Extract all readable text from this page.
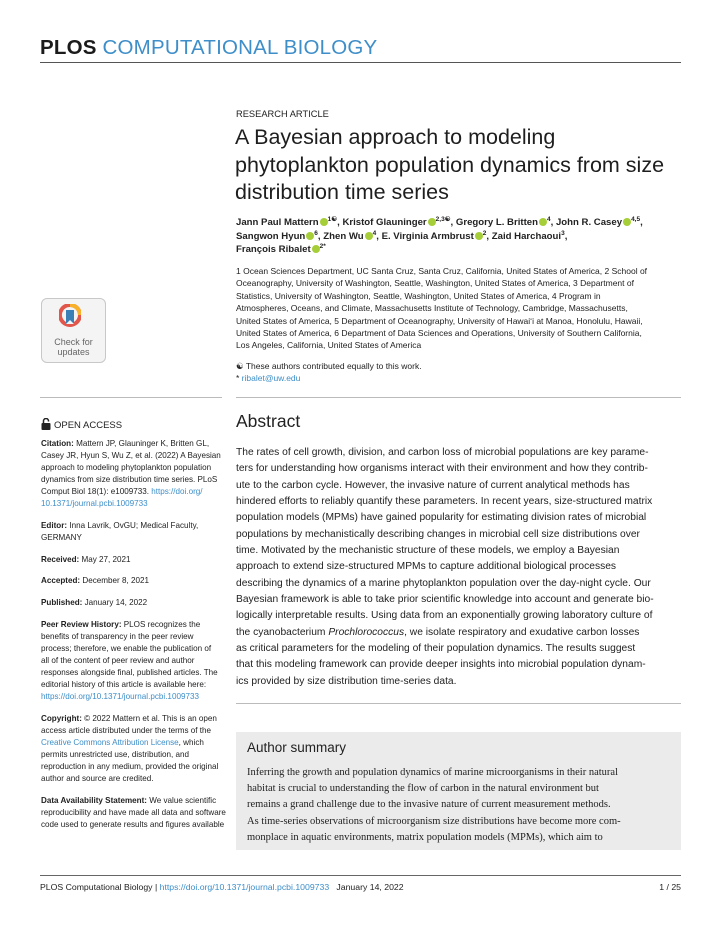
PLOS COMPUTATIONAL BIOLOGY
RESEARCH ARTICLE
A Bayesian approach to modeling
phytoplankton population dynamics from size
distribution time series
Jann Paul Mattern $^{1☯}$, Kristof Glauninger $^{2,3☯}$, Gregory L. Britten $^4$, John R. Casey $^{4,5}$,
Sangwon Hyun $^6$, Zhen Wu $^4$, E. Virginia Armbrust $^2$, Zaid Harchaoui$^3$,
François Ribalet $^{2*}$
1 Ocean Sciences Department, UC Santa Cruz, Santa Cruz, California, United States of America, 2 School of
Oceanography, University of Washington, Seattle, Washington, United States of America, 3 Department of
Statistics, University of Washington, Seattle, Washington, United States of America, 4 Program in
Atmospheres, Oceans, and Climate, Massachusetts Institute of Technology, Cambridge, Massachusetts,
United States of America, 5 Department of Oceanography, University of Hawaiʻi at Manoa, Honolulu, Hawaii,
United States of America, 6 Department of Data Sciences and Operations, University of Southern California,
Los Angeles, California, United States of America
☯ These authors contributed equally to this work.
* ribalet@uw.edu
Check for
updates
OPEN ACCESS
Citation: Mattern JP, Glauninger K, Britten GL,
Casey JR, Hyun S, Wu Z, et al. (2022) A Bayesian
approach to modeling phytoplankton population
dynamics from size distribution time series. PLoS
Comput Biol 18(1): e1009733. https://doi.org/
10.1371/journal.pcbi.1009733
Editor: Inna Lavrik, OvGU; Medical Faculty,
GERMANY
Received: May 27, 2021
Accepted: December 8, 2021
Published: January 14, 2022
Peer Review History: PLOS recognizes the
benefits of transparency in the peer review
process; therefore, we enable the publication of
all of the content of peer review and author
responses alongside final, published articles. The
editorial history of this article is available here:
https://doi.org/10.1371/journal.pcbi.1009733
Copyright: © 2022 Mattern et al. This is an open
access article distributed under the terms of the
Creative Commons Attribution License, which
permits unrestricted use, distribution, and
reproduction in any medium, provided the original
author and source are credited.
Data Availability Statement: We value scientific
reproducibility and have made all data and software
code used to generate results and figures available
Abstract
The rates of cell growth, division, and carbon loss of microbial populations are key parame-
ters for understanding how organisms interact with their environment and how they contrib-
ute to the carbon cycle. However, the invasive nature of current analytical methods has
hindered efforts to reliably quantify these parameters. In recent years, size-structured matrix
population models (MPMs) have gained popularity for estimating division rates of microbial
populations by mechanistically describing changes in microbial cell size distributions over
time. Motivated by the mechanistic structure of these models, we employ a Bayesian
approach to extend size-structured MPMs to capture additional biological processes
describing the dynamics of a marine phytoplankton population over the day-night cycle. Our
Bayesian framework is able to take prior scientific knowledge into account and generate bio-
logically interpretable results. Using data from an exponentially growing laboratory culture of
the cyanobacterium Prochlorococcus, we isolate respiratory and exudative carbon losses
as critical parameters for the modeling of their population dynamics. The results suggest
that this modeling framework can provide deeper insights into microbial population dynam-
ics provided by size distribution time-series data.
Author summary
Inferring the growth and population dynamics of marine microorganisms in their natural
habitat is crucial to understanding the flow of carbon in the natural environment but
remains a grand challenge due to the invasive nature of current measurement methods.
As time-series observations of microorganism size distributions have become more com-
monplace in aquatic environments, matrix population models (MPMs), which aim to
PLOS Computational Biology | https://doi.org/10.1371/journal.pcbi.1009733 January 14, 2022	1 / 25
